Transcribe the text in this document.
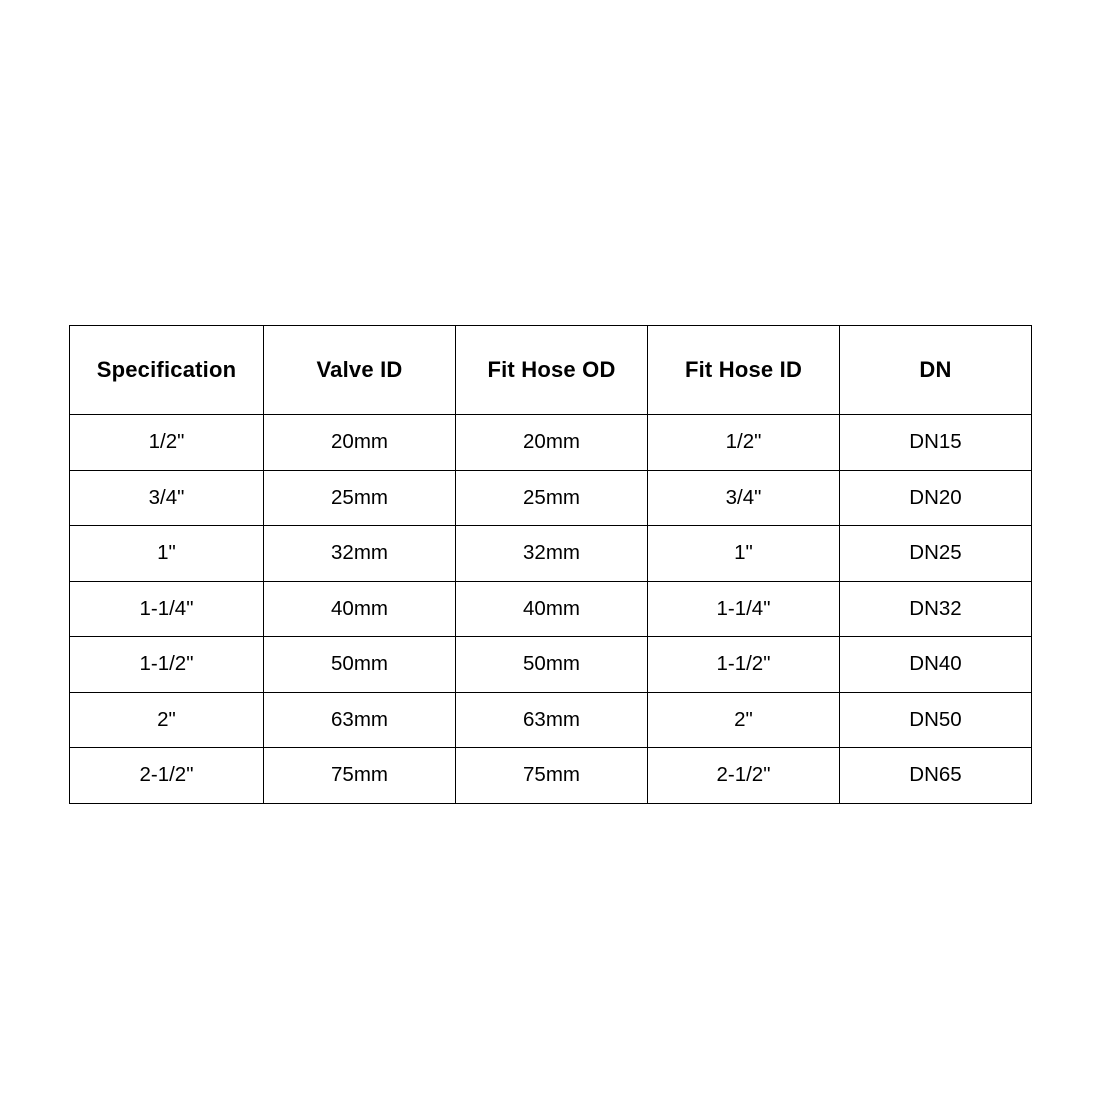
Specification	Valve ID	Fit Hose OD	Fit Hose ID	DN
1/2"	20mm	20mm	1/2"	DN15
3/4"	25mm	25mm	3/4"	DN20
1"	32mm	32mm	1"	DN25
1-1/4"	40mm	40mm	1-1/4"	DN32
1-1/2"	50mm	50mm	1-1/2"	DN40
2"	63mm	63mm	2"	DN50
2-1/2"	75mm	75mm	2-1/2"	DN65
